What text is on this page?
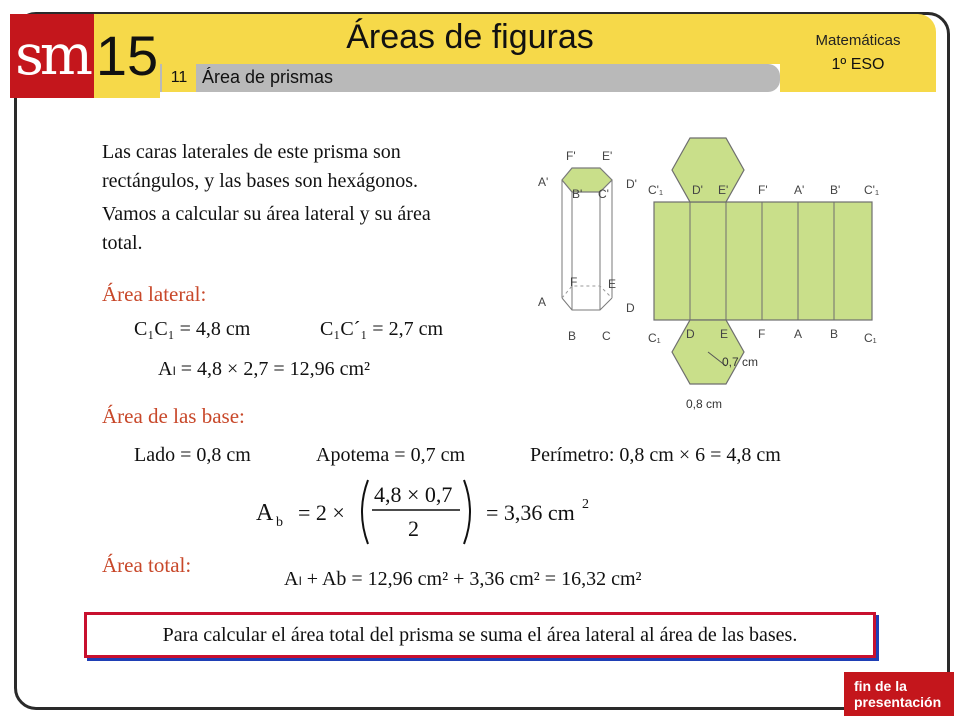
sm 15	Áreas de figuras
11 Área de prismas
Matemáticas
1º ESO
Las caras laterales de este prisma son
rectángulos, y las bases son hexágonos.
Vamos a calcular su área lateral y su área
total.
Área lateral:
C₁C₁ = 4,8 cm	C₁C´₁ = 2,7 cm
Aₗ = 4,8 × 2,7 = 12,96 cm²
Área de las base:
Lado = 0,8 cm	Apotema = 0,7 cm	Perímetro: 0,8 cm × 6 = 4,8 cm
A b = 2 ×
4,8 × 0,7
2
= 3,36 cm 2
Área total:
Aₗ + Ab = 12,96 cm² + 3,36 cm² = 16,32 cm²
F' E'
A'
B' C'
D'
F	E
A	D
B C
0,7 cm
0,8 cm
C'₁ D' E' F' A' B' C'₁
C₁ D E F A B C₁
Para calcular el área total del prisma se suma el área lateral al área de las bases.
fin de la
presentación
